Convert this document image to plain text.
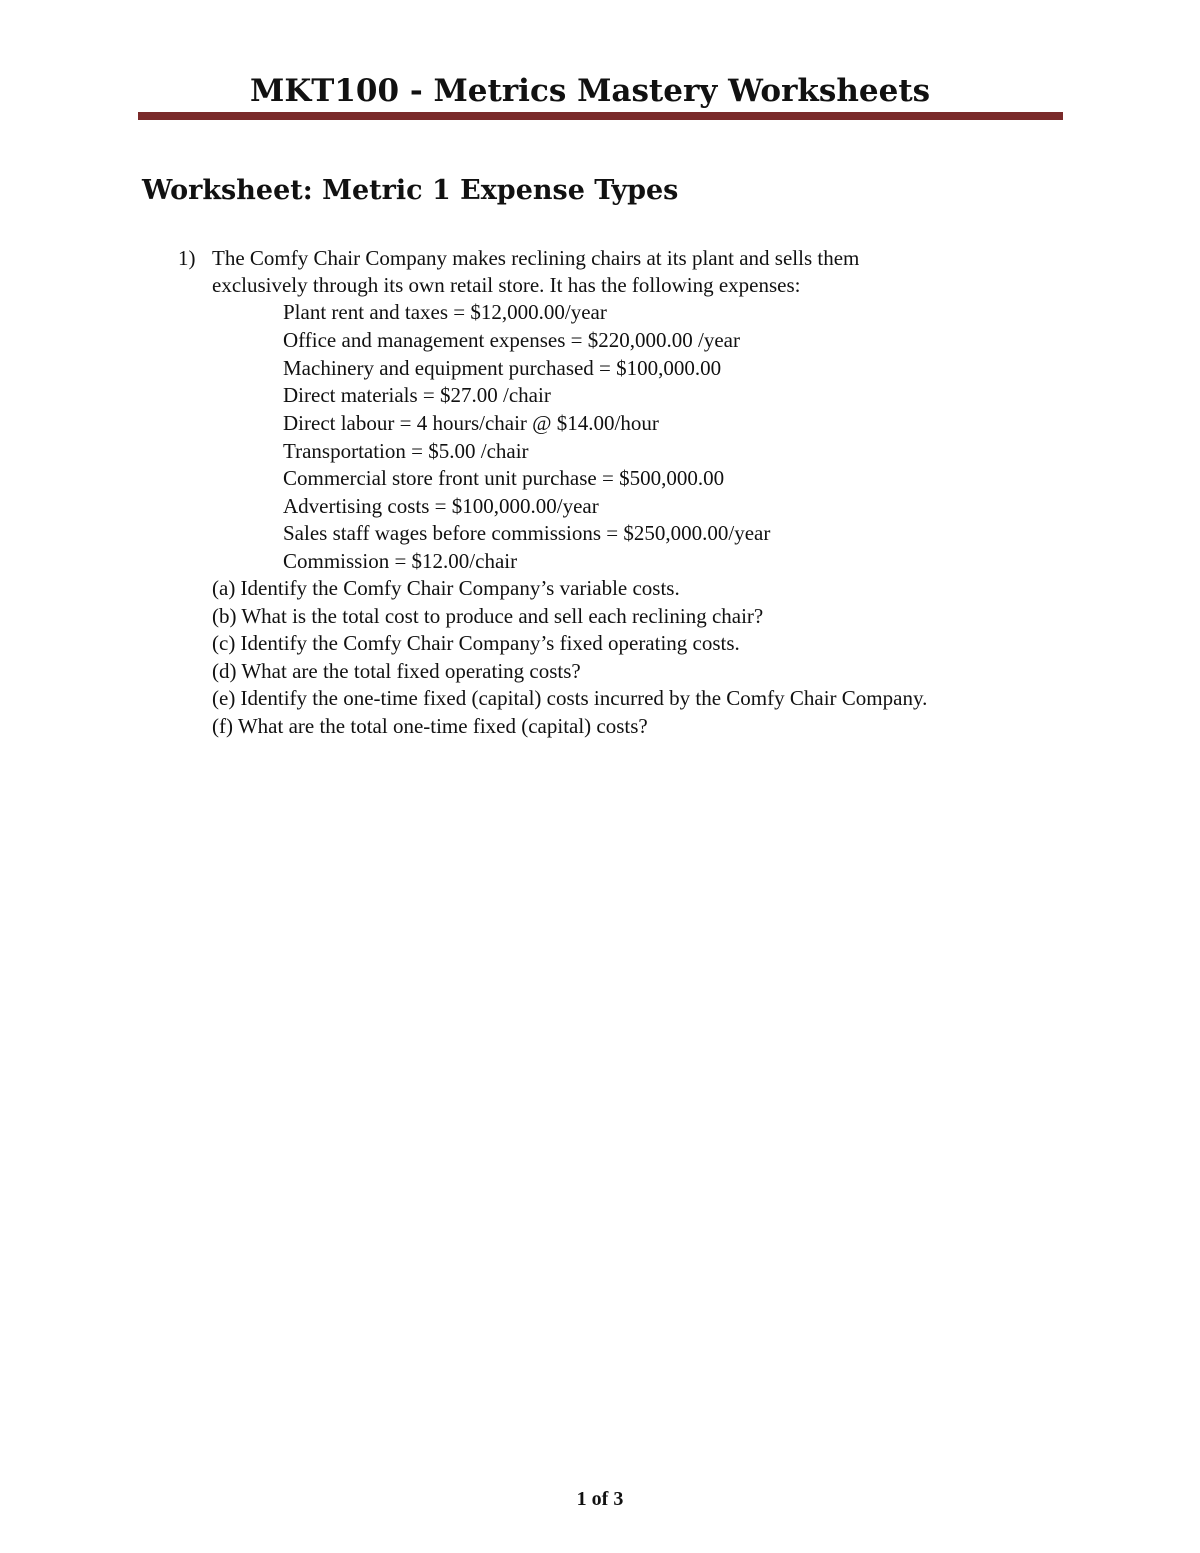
MKT100 - Metrics Mastery Worksheets
Worksheet: Metric 1 Expense Types
1) The Comfy Chair Company makes reclining chairs at its plant and sells them
exclusively through its own retail store. It has the following expenses:
Plant rent and taxes = $12,000.00/year
Office and management expenses = $220,000.00 /year
Machinery and equipment purchased = $100,000.00
Direct materials = $27.00 /chair
Direct labour = 4 hours/chair @ $14.00/hour
Transportation = $5.00 /chair
Commercial store front unit purchase = $500,000.00
Advertising costs = $100,000.00/year
Sales staff wages before commissions = $250,000.00/year
Commission = $12.00/chair
(a) Identify the Comfy Chair Company’s variable costs.
(b) What is the total cost to produce and sell each reclining chair?
(c) Identify the Comfy Chair Company’s fixed operating costs.
(d) What are the total fixed operating costs?
(e) Identify the one-time fixed (capital) costs incurred by the Comfy Chair Company.
(f) What are the total one-time fixed (capital) costs?
1 of 3
